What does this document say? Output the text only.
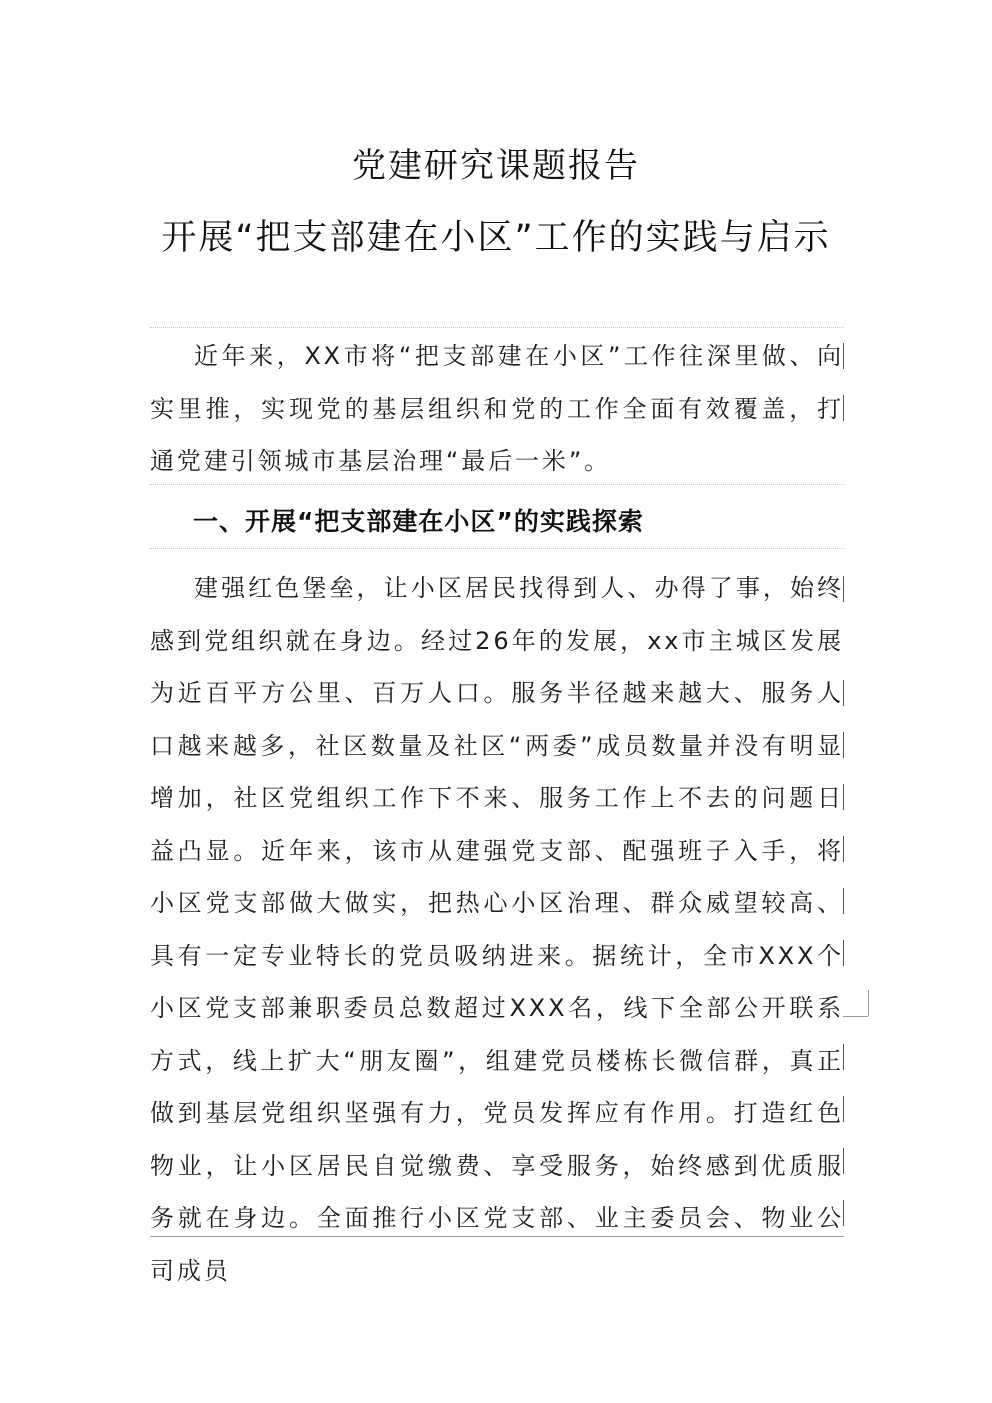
党建研究课题报告
开展“把支部建在小区”工作的实践与启示

近年来，XX市将“把支部建在小区”工作往深里做、向实里推，实现党的基层组织和党的工作全面有效覆盖，打通党建引领城市基层治理“最后一米”。

一、开展“把支部建在小区”的实践探索

建强红色堡垒，让小区居民找得到人、办得了事，始终感到党组织就在身边。经过26年的发展，xx市主城区发展为近百平方公里、百万人口。服务半径越来越大、服务人口越来越多，社区数量及社区“两委”成员数量并没有明显增加，社区党组织工作下不来、服务工作上不去的问题日益凸显。近年来，该市从建强党支部、配强班子入手，将小区党支部做大做实，把热心小区治理、群众威望较高、具有一定专业特长的党员吸纳进来。据统计，全市XXX个小区党支部兼职委员总数超过XXX名，线下全部公开联系方式，线上扩大“朋友圈”，组建党员楼栋长微信群，真正做到基层党组织坚强有力，党员发挥应有作用。打造红色物业，让小区居民自觉缴费、享受服务，始终感到优质服务就在身边。全面推行小区党支部、业主委员会、物业公司成员
